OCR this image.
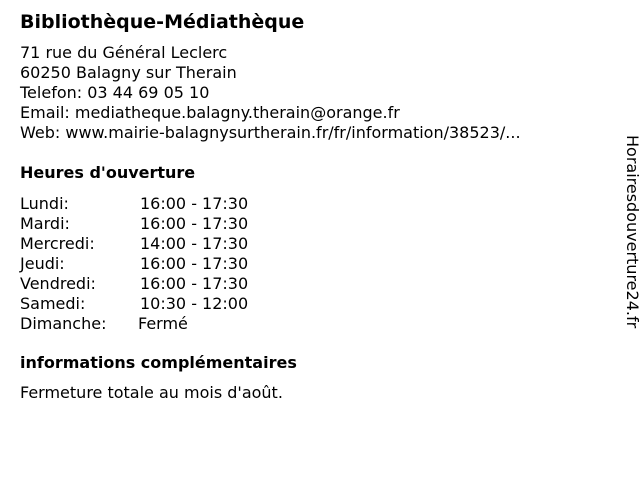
Bibliothèque-Médiathèque
71 rue du Général Leclerc
60250 Balagny sur Therain
Telefon: 03 44 69 05 10
Email: mediatheque.balagny.therain@orange.fr
Web: www.mairie-balagnysurtherain.fr/fr/information/38523/...
Heures d'ouverture
Lundi:	16:00 - 17:30
Mardi:	16:00 - 17:30
Mercredi:	14:00 - 17:30
Jeudi:	16:00 - 17:30
Vendredi:	16:00 - 17:30
Samedi:	10:30 - 12:00
Dimanche: Fermé
informations complémentaires
Fermeture totale au mois d'août.
Horairesdouverture24.fr
